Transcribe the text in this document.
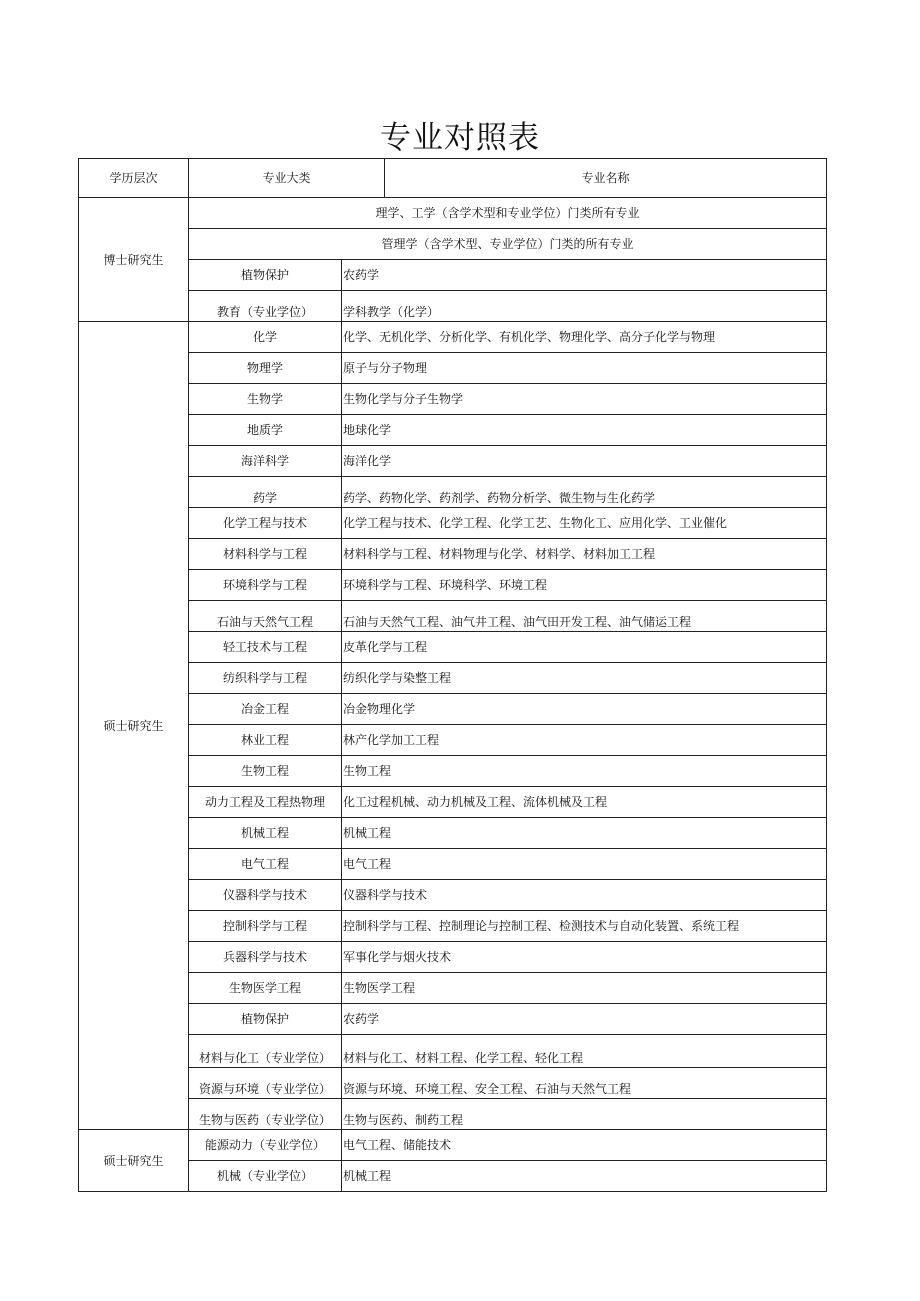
专业对照表
学历层次	专业大类		专业名称
博士研究生	理学、工学（含学术型和专业学位）门类所有专业		
	管理学（含学术型、专业学位）门类的所有专业		
	植物保护	农药学	
	教育（专业学位）	学科教学（化学）	
硕士研究生	化学	化学、无机化学、分析化学、有机化学、物理化学、高分子化学与物理	
	物理学	原子与分子物理	
	生物学	生物化学与分子生物学	
	地质学	地球化学	
	海洋科学	海洋化学	
	药学	药学、药物化学、药剂学、药物分析学、微生物与生化药学	
	化学工程与技术	化学工程与技术、化学工程、化学工艺、生物化工、应用化学、工业催化	
	材料科学与工程	材料科学与工程、材料物理与化学、材料学、材料加工工程	
	环境科学与工程	环境科学与工程、环境科学、环境工程	
	石油与天然气工程	石油与天然气工程、油气井工程、油气田开发工程、油气储运工程	
	轻工技术与工程	皮革化学与工程	
	纺织科学与工程	纺织化学与染整工程	
	冶金工程	冶金物理化学	
	林业工程	林产化学加工工程	
	生物工程	生物工程	
	动力工程及工程热物理	化工过程机械、动力机械及工程、流体机械及工程	
	机械工程	机械工程	
	电气工程	电气工程	
	仪器科学与技术	仪器科学与技术	
	控制科学与工程	控制科学与工程、控制理论与控制工程、检测技术与自动化装置、系统工程	
	兵器科学与技术	军事化学与烟火技术	
	生物医学工程	生物医学工程	
	植物保护	农药学	
	材料与化工（专业学位）	材料与化工、材料工程、化学工程、轻化工程	
	资源与环境（专业学位）	资源与环境、环境工程、安全工程、石油与天然气工程	
	生物与医药（专业学位）	生物与医药、制药工程	
硕士研究生	能源动力（专业学位）	电气工程、储能技术	
	机械（专业学位）	机械工程	
